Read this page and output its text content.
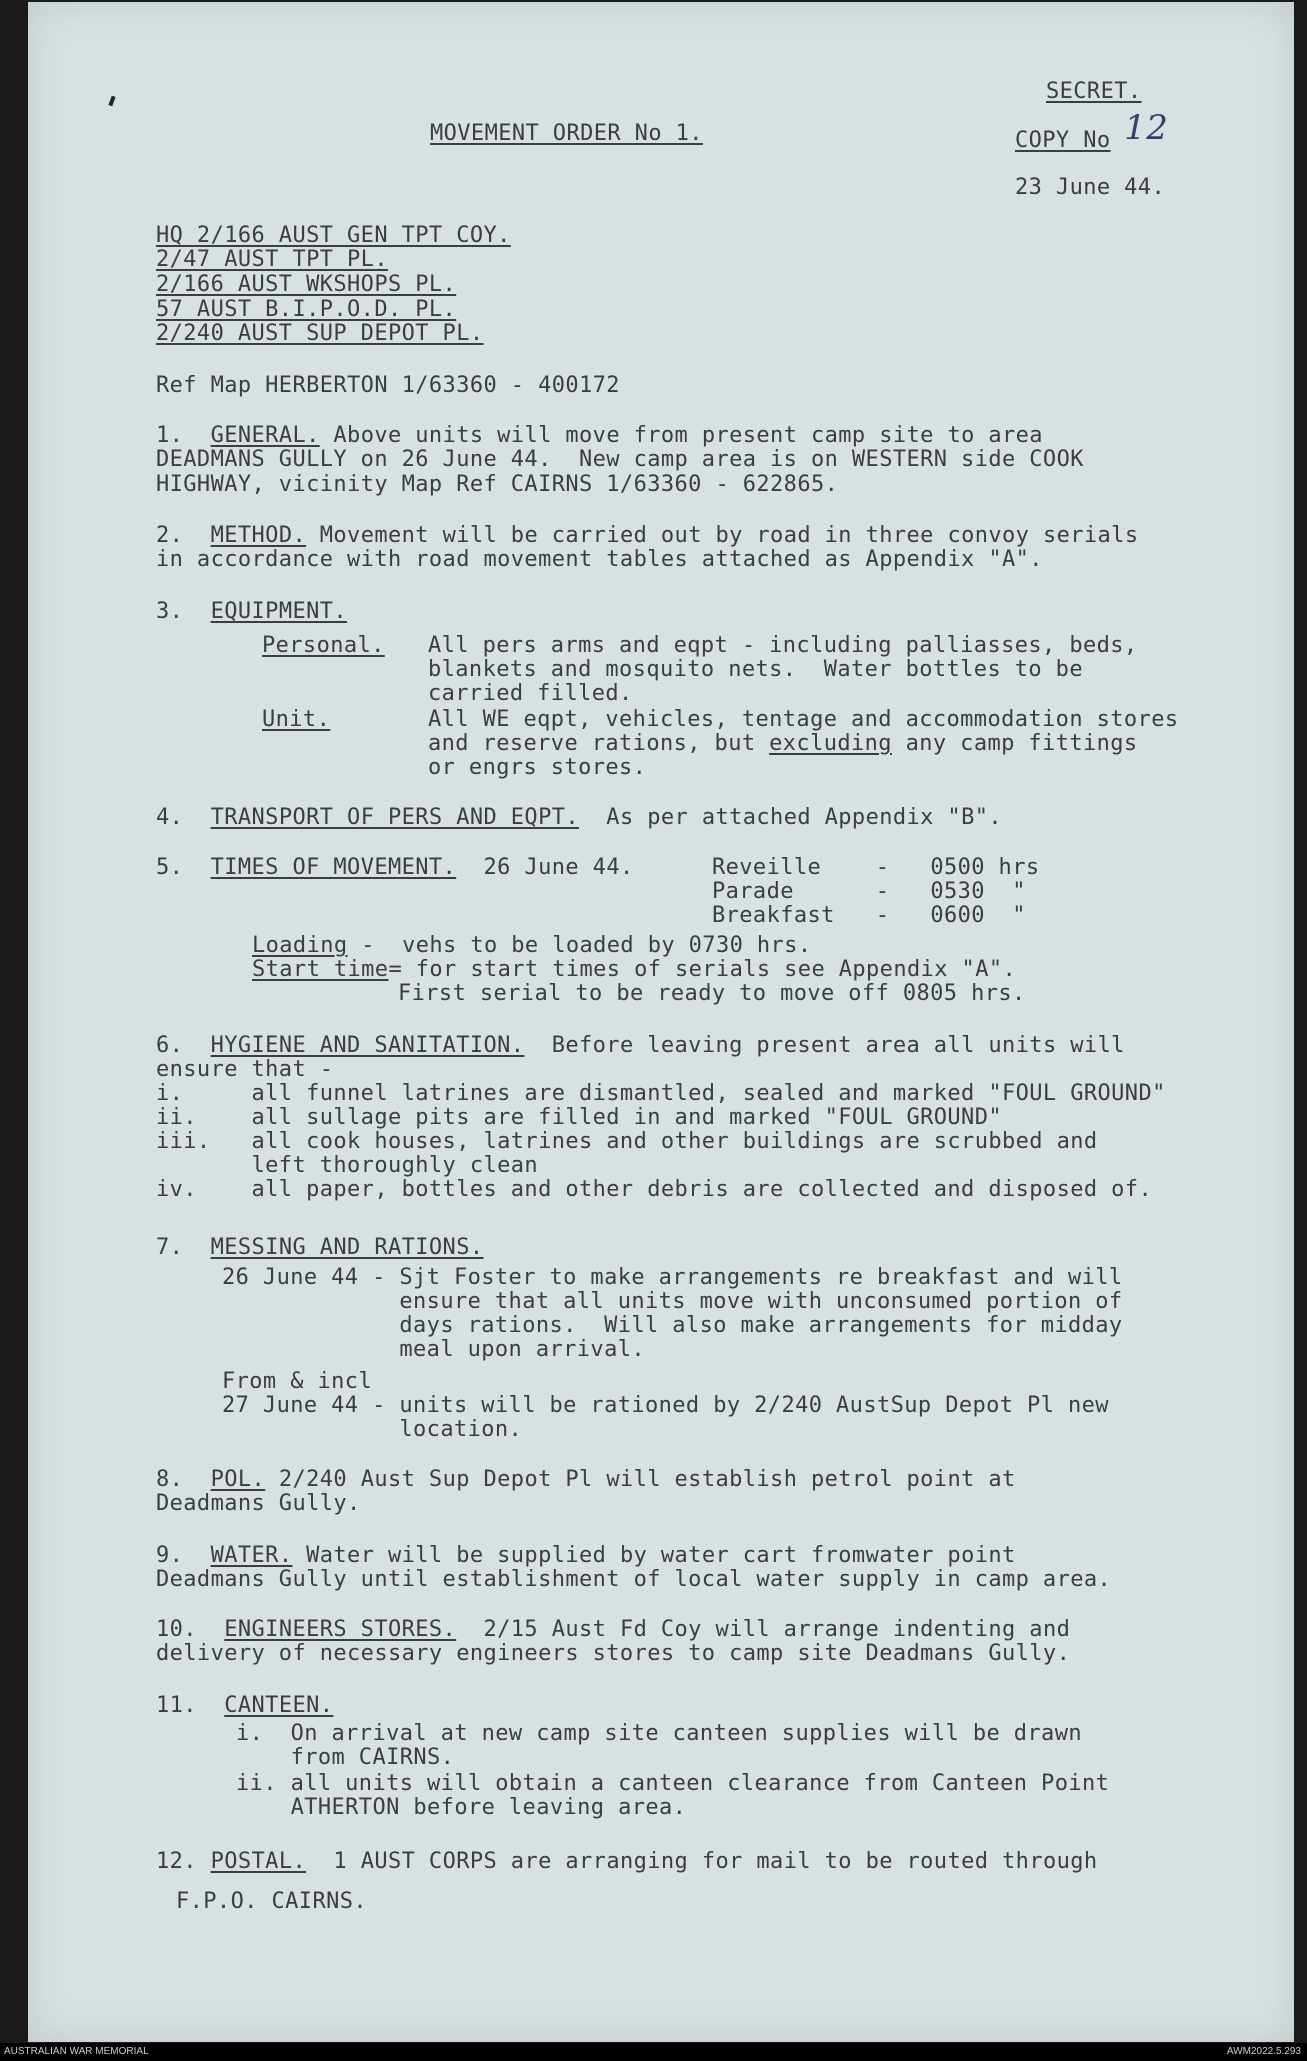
SECRET.
MOVEMENT ORDER No 1.	COPY No 12
23 June 44.
HQ 2/166 AUST GEN TPT COY.
2/47 AUST TPT PL.
2/166 AUST WKSHOPS PL.
57 AUST B.I.P.O.D. PL.
2/240 AUST SUP DEPOT PL.
Ref Map HERBERTON 1/63360 - 400172
1. GENERAL. Above units will move from present camp site to area
DEADMANS GULLY on 26 June 44.  New camp area is on WESTERN side COOK
HIGHWAY, vicinity Map Ref CAIRNS 1/63360 - 622865.
2. METHOD. Movement will be carried out by road in three convoy serials
in accordance with road movement tables attached as Appendix "A".
3. EQUIPMENT.
Personal. All pers arms and eqpt - including palliasses, beds,
blankets and mosquito nets.  Water bottles to be
carried filled.
Unit.	All WE eqpt, vehicles, tentage and accommodation stores
and reserve rations, but excluding any camp fittings
or engrs stores.
4. TRANSPORT OF PERS AND EQPT.  As per attached Appendix "B".
5. TIMES OF MOVEMENT. 26 June 44.	Reveille    -   0500 hrs
Parade      -   0530  "
Breakfast   -   0600  "
Loading -  vehs to be loaded by 0730 hrs.
Start time= for start times of serials see Appendix "A".
First serial to be ready to move off 0805 hrs.
6. HYGIENE AND SANITATION.  Before leaving present area all units will
ensure that -
i.     all funnel latrines are dismantled, sealed and marked "FOUL GROUND"
ii.    all sullage pits are filled in and marked "FOUL GROUND"
iii.   all cook houses, latrines and other buildings are scrubbed and
left thoroughly clean
iv.    all paper, bottles and other debris are collected and disposed of.
7. MESSING AND RATIONS.
26 June 44 - Sjt Foster to make arrangements re breakfast and will
ensure that all units move with unconsumed portion of
days rations.  Will also make arrangements for midday
meal upon arrival.
From & incl
27 June 44 - units will be rationed by 2/240 AustSup Depot Pl new
location.
8. POL. 2/240 Aust Sup Depot Pl will establish petrol point at
Deadmans Gully.
9. WATER. Water will be supplied by water cart fromwater point
Deadmans Gully until establishment of local water supply in camp area.
10. ENGINEERS STORES.  2/15 Aust Fd Coy will arrange indenting and
delivery of necessary engineers stores to camp site Deadmans Gully.
11. CANTEEN.
i.  On arrival at new camp site canteen supplies will be drawn
from CAIRNS.
ii. all units will obtain a canteen clearance from Canteen Point
ATHERTON before leaving area.
12. POSTAL.  1 AUST CORPS are arranging for mail to be routed through
F.P.O. CAIRNS.
AUSTRALIAN WAR MEMORIAL	AWM2022.5.293
